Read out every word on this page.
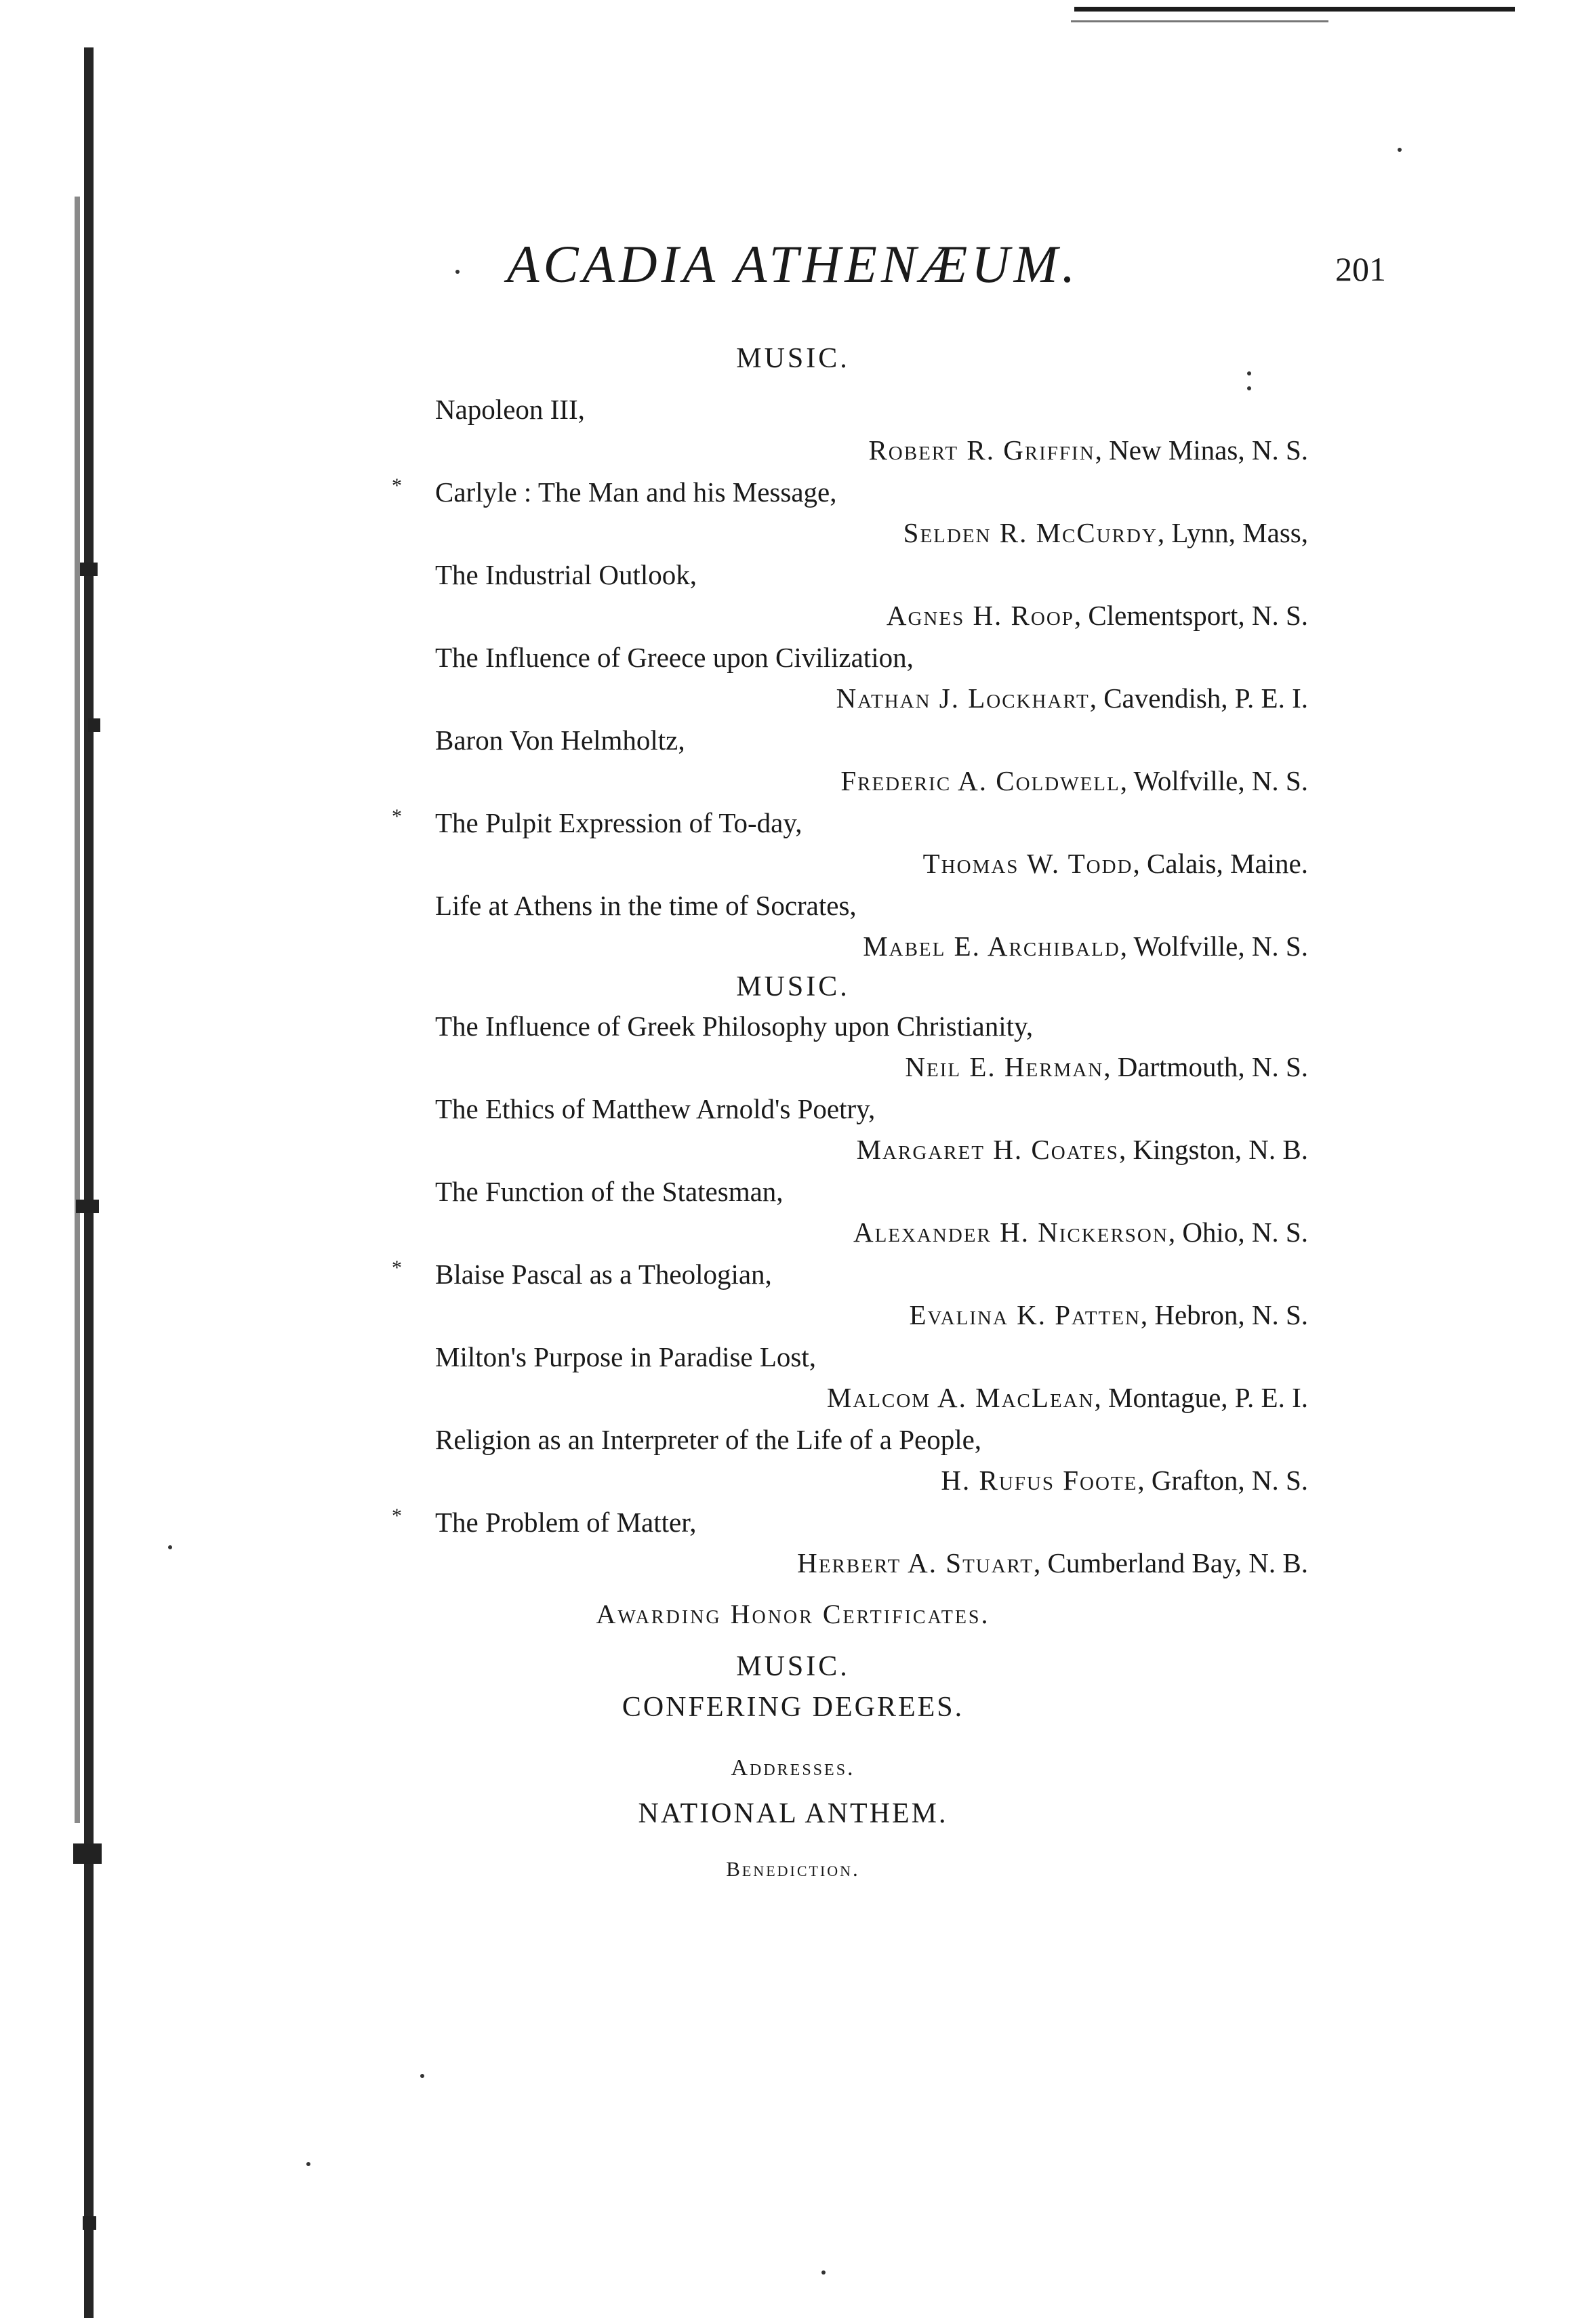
ACADIA ATHENÆUM.	201
MUSIC.
Napoleon III,
Robert R. Griffin, New Minas, N. S.
* Carlyle : The Man and his Message,
Selden R. McCurdy, Lynn, Mass,
The Industrial Outlook,
Agnes H. Roop, Clementsport, N. S.
The Influence of Greece upon Civilization,
Nathan J. Lockhart, Cavendish, P. E. I.
Baron Von Helmholtz,
Frederic A. Coldwell, Wolfville, N. S.
* The Pulpit Expression of To-day,
Thomas W. Todd, Calais, Maine.
Life at Athens in the time of Socrates,
Mabel E. Archibald, Wolfville, N. S.
MUSIC.
The Influence of Greek Philosophy upon Christianity,
Neil E. Herman, Dartmouth, N. S.
The Ethics of Matthew Arnold's Poetry,
Margaret H. Coates, Kingston, N. B.
The Function of the Statesman,
Alexander H. Nickerson, Ohio, N. S.
* Blaise Pascal as a Theologian,
Evalina K. Patten, Hebron, N. S.
Milton's Purpose in Paradise Lost,
Malcom A. MacLean, Montague, P. E. I.
Religion as an Interpreter of the Life of a People,
H. Rufus Foote, Grafton, N. S.
* The Problem of Matter,
Herbert A. Stuart, Cumberland Bay, N. B.
Awarding Honor Certificates.
MUSIC.
CONFERING DEGREES.
Addresses.
NATIONAL ANTHEM.
Benediction.
